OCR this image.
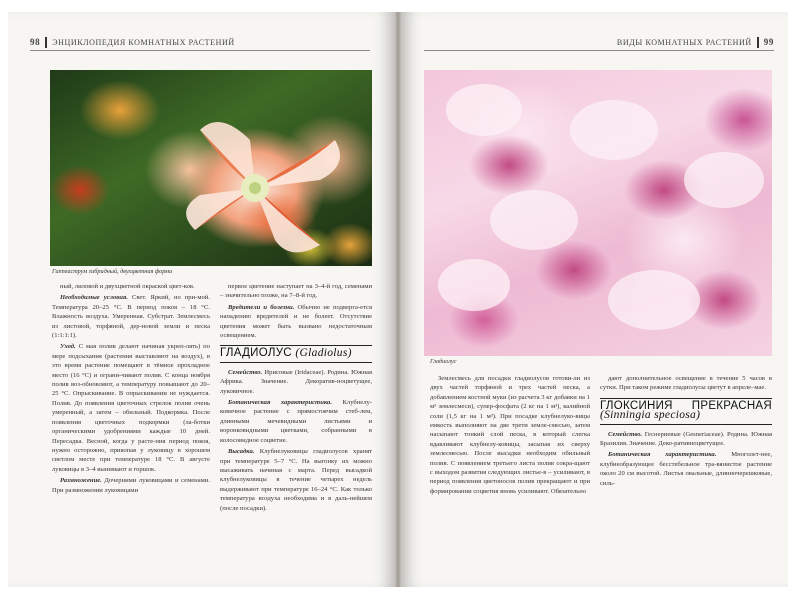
98 ЭНЦИКЛОПЕДИЯ КОМНАТНЫХ РАСТЕНИЙ	ВИДЫ КОМНАТНЫХ РАСТЕНИЙ 99
Гиппеаструм гибридный, двухцветная форма
Гладиолус

ный, лиловой и двухцветной окраской цвет-ков.

Необходимые условия. Свет. Яркий, но при-мой. Температура 20–25 °С. В период покоя – 18 °С. Влажность воздуха. Умеренная. Субстрат. Землесмесь из листовой, торфяной, дер-новой земли и песка (1:1:1:1).

Уход. С мая полив делают начиная укреп-лять) по мере подсыхания (растения выставляют на воздух), в это время растение помещают в тёмное прохладное место (16 °С) и ограни-чивают полив. С конца ноября полив воз-обновляют, а температуру повышают до 20–25 °С. Опрыскивание. В опрыскивании не нуждается. Полив. До появления цветочных стрелок полив очень умеренный, а затем – обильный. Подкормка. После появления цветочных подкормки (ла-ботки органическими удобрениями каждые 10 дней. Пересадка. Весной, когда у расте-ния период покоя, нужно осторожно, прикопав у луковицу в хорошем светлом месте при температуре 18 °С. В августе луковицы в 3–4 вынимают и горшок.

Размножение. Дочерними луковицами и семенами. При размножении луковицами

первое цветение наступает на 3–4-й год, семенами – значительно позже, на 7–8-й год.

Вредители и болезни. Обычно не подверга-ется нападению вредителей и не болеет. Отсутствие цветения может быть вызвано недостаточным освещением.

ГЛАДИОЛУС (Gladiolus)

Семейство. Ирисовые (Iridaceae). Родина. Южная Африка. Значение. Декоратив-ноцветущее, луковичное.

Ботаническая характеристика. Клубнелу-ковичное растение с прямостоячим стеб-лем, длинными мечевидными листьями и воронковидными цветками, собранными в колосовидное соцветие.

Высадка. Клубнелуковицы гладиолусов хранят при температуре 5–7 °С. На выгонку их можно высаживать начиная с марта. Перед высадкой клубнелуковицы в течение четырех недель выдерживают при температуре 16–24 °С. Как только температура воздуха необходима и в даль-нейшем (после посадки).

Землесмесь для посадки гладиолусов готови-ли из двух частей торфяной и трех частей песка, а добавлением костной муки (из расчета 3 кг добавки на 1 м³ землесмеси), супер-фосфата (2 кг на 1 м³), калийной соли (1,5 кг на 1 м³). При посадке клубнелуко-вицы емкость выполняют на две трети земле-смесью, затем насыпают тонкий слой песка, в который слегка вдавливают клубнелу-ковицы, засыпая их сверху землесмесью. После высадки необходим обильный полив. С появлением третьего листа полив сокра-щают с выходом развития следующих листье-в – усиливают, в период появления цветоносов полив прекращают и при формировании соцветия вновь усиливают. Обязательно

дают дополнительное освещение в течение 5 часов в сутки. При таком режиме гладиолусы цветут в апреле–мае.

ГЛОКСИНИЯ ПРЕКРАСНАЯ (Sinningia speciosa)

Семейство. Геснериевые (Gesneriaceae). Родина. Южная Бразилия. Значение. Деко-ративноцветущее.

Ботаническая характеристика. Многолет-нее, клубнеобразующее бесстебельное тра-вянистое растение около 20 см высотой. Листья овальные, длинночерешковые, силь-
